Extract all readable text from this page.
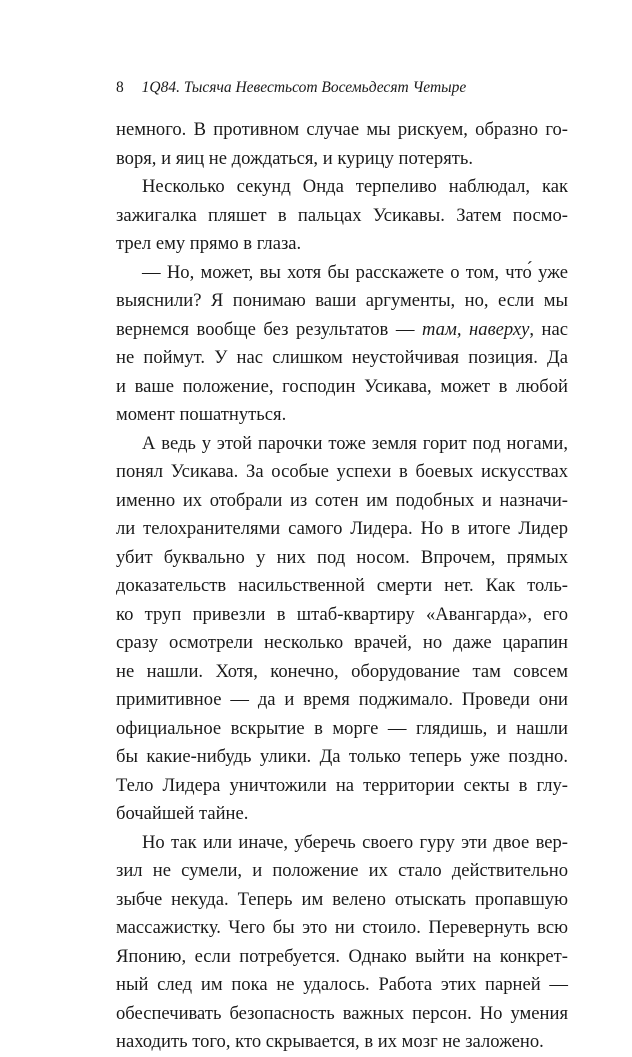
8 1Q84. Тысяча Невестьсот Восемьдесят Четыре
немного. В противном случае мы рискуем, образно го-
воря, и яиц не дождаться, и курицу потерять.
Несколько секунд Онда терпеливо наблюдал, как
зажигалка пляшет в пальцах Усикавы. Затем посмо-
трел ему прямо в глаза.
— Но, может, вы хотя бы расскажете о том, что́ уже
выяснили? Я понимаю ваши аргументы, но, если мы
вернемся вообще без результатов — там, наверху, нас
не поймут. У нас слишком неустойчивая позиция. Да
и ваше положение, господин Усикава, может в любой
момент пошатнуться.
А ведь у этой парочки тоже земля горит под ногами,
понял Усикава. За особые успехи в боевых искусствах
именно их отобрали из сотен им подобных и назначи-
ли телохранителями самого Лидера. Но в итоге Лидер
убит буквально у них под носом. Впрочем, прямых
доказательств насильственной смерти нет. Как толь-
ко труп привезли в штаб-квартиру «Авангарда», его
сразу осмотрели несколько врачей, но даже царапин
не нашли. Хотя, конечно, оборудование там совсем
примитивное — да и время поджимало. Проведи они
официальное вскрытие в морге — глядишь, и нашли
бы какие-нибудь улики. Да только теперь уже поздно.
Тело Лидера уничтожили на территории секты в глу-
бочайшей тайне.
Но так или иначе, уберечь своего гуру эти двое вер-
зил не сумели, и положение их стало действительно
зыбче некуда. Теперь им велено отыскать пропавшую
массажистку. Чего бы это ни стоило. Перевернуть всю
Японию, если потребуется. Однако выйти на конкрет-
ный след им пока не удалось. Работа этих парней —
обеспечивать безопасность важных персон. Но умения
находить того, кто скрывается, в их мозг не заложено.
